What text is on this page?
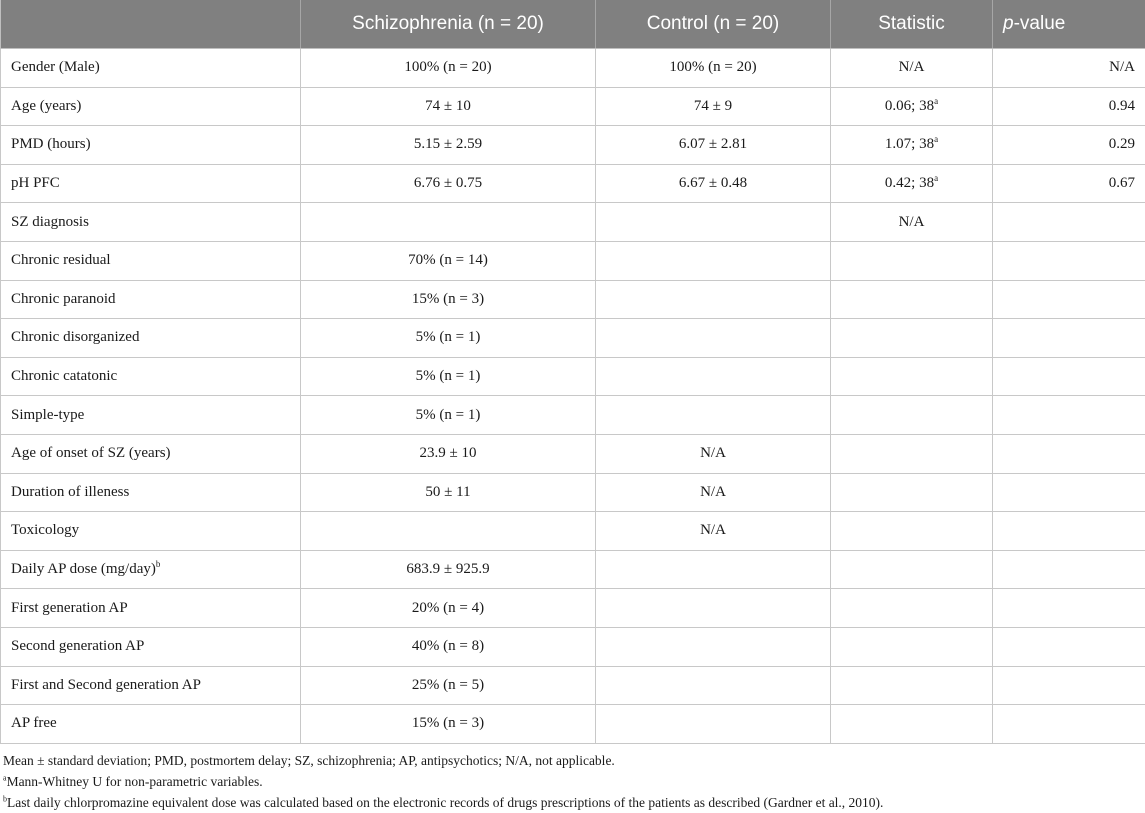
	Schizophrenia (n = 20)	Control (n = 20)	Statistic	p-value
Gender (Male)	100% (n = 20)	100% (n = 20)	N/A	N/A
Age (years)	74 ± 10	74 ± 9	0.06; 38$^a$	0.94
PMD (hours)	5.15 ± 2.59	6.07 ± 2.81	1.07; 38$^a$	0.29
pH PFC	6.76 ± 0.75	6.67 ± 0.48	0.42; 38$^a$	0.67
SZ diagnosis			N/A	
Chronic residual	70% (n = 14)			
Chronic paranoid	15% (n = 3)			
Chronic disorganized	5% (n = 1)			
Chronic catatonic	5% (n = 1)			
Simple-type	5% (n = 1)			
Age of onset of SZ (years)	23.9 ± 10	N/A		
Duration of illeness	50 ± 11	N/A		
Toxicology		N/A		
Daily AP dose $(mg/day)^b$	683.9 ± 925.9			
First generation AP	20% (n = 4)			
Second generation AP	40% (n = 8)			
First and Second generation AP	25% (n = 5)			
AP free	15% (n = 3)			
Mean ± standard deviation; PMD, postmortem delay; SZ, schizophrenia; AP, antipsychotics; N/A, not applicable.
$^a$Mann-Whitney U for non-parametric variables.
$^b$Last daily chlorpromazine equivalent dose was calculated based on the electronic records of drugs prescriptions of the patients as described (Gardner et al., 2010).
